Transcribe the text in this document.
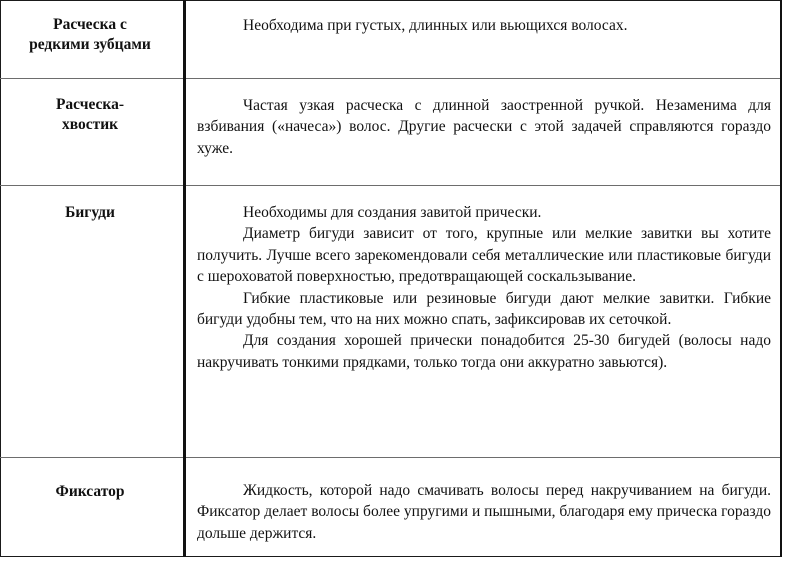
Расческа с
редкими зубцами	Необходима при густых, длинных или вьющихся волосах.

Расческа-
хвостик	Частая узкая расческа с длинной заостренной ручкой. Незаменима для взбивания («начеса») волос. Другие расчески с этой задачей справляются гораздо хуже.

Бигуди	Необходимы для создания завитой прически.

Диаметр бигуди зависит от того, крупные или мелкие завитки вы хотите получить. Лучше всего зарекомендовали себя металлические или пластиковые бигуди с шероховатой поверхностью, предотвращающей соскальзывание.

Гибкие пластиковые или резиновые бигуди дают мелкие завитки. Гибкие бигуди удобны тем, что на них можно спать, зафиксировав их сеточкой.

Для создания хорошей прически понадобится 25-30 бигудей (волосы надо накручивать тонкими прядками, только тогда они аккуратно завьются).

Фиксатор	Жидкость, которой надо смачивать волосы перед накручиванием на бигуди. Фиксатор делает волосы более упругими и пышными, благодаря ему прическа гораздо дольше держится.
